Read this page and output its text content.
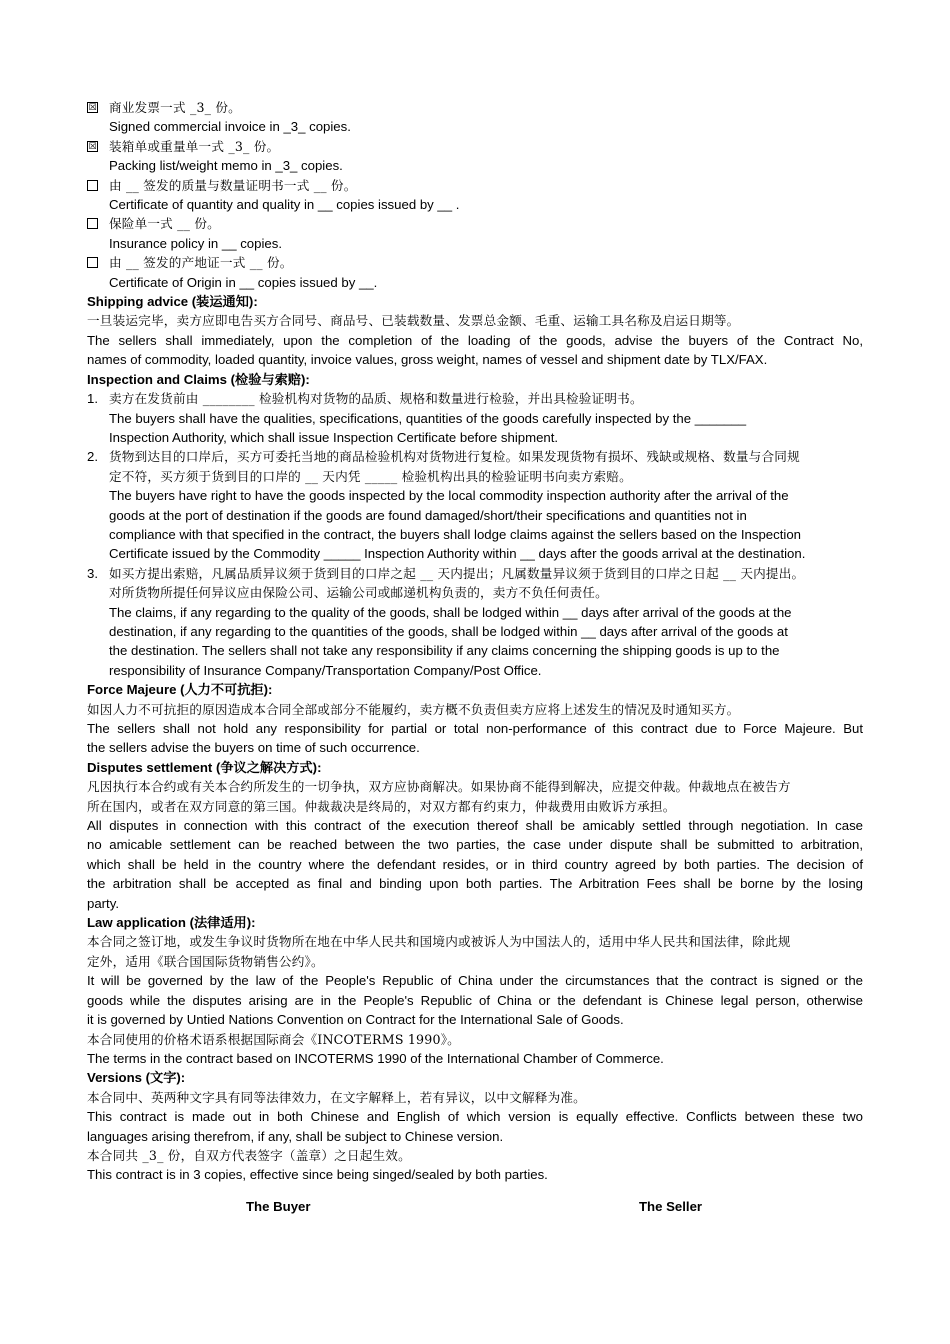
☒ 商业发票一式 _3_ 份。
Signed commercial invoice in _3_ copies.
☒ 装箱单或重量单一式 _3_ 份。
Packing list/weight memo in _3_ copies.
由 __ 签发的质量与数量证明书一式 __ 份。
Certificate of quantity and quality in __ copies issued by __ .
保险单一式 __ 份。
Insurance policy in __ copies.
由 __ 签发的产地证一式 __ 份。
Certificate of Origin in __ copies issued by __.
Shipping advice (装运通知):
一旦装运完毕，卖方应即电告买方合同号、商品号、已装载数量、发票总金额、毛重、运输工具名称及启运日期等。
The sellers shall immediately, upon the completion of the loading of the goods, advise the buyers of the Contract No,
names of commodity, loaded quantity, invoice values, gross weight, names of vessel and shipment date by TLX/FAX.
Inspection and Claims (检验与索赔):
1. 卖方在发货前由 ________ 检验机构对货物的品质、规格和数量进行检验，并出具检验证明书。
The buyers shall have the qualities, specifications, quantities of the goods carefully inspected by the _______
Inspection Authority, which shall issue Inspection Certificate before shipment.
2. 货物到达目的口岸后，买方可委托当地的商品检验机构对货物进行复检。如果发现货物有损坏、残缺或规格、数量与合同规
定不符，买方须于货到目的口岸的 __ 天内凭 _____ 检验机构出具的检验证明书向卖方索赔。
The buyers have right to have the goods inspected by the local commodity inspection authority after the arrival of the
goods at the port of destination if the goods are found damaged/short/their specifications and quantities not in
compliance with that specified in the contract, the buyers shall lodge claims against the sellers based on the Inspection
Certificate issued by the Commodity _____ Inspection Authority within __ days after the goods arrival at the destination.
3. 如买方提出索赔，凡属品质异议须于货到目的口岸之起 __ 天内提出；凡属数量异议须于货到目的口岸之日起 __ 天内提出。
对所货物所提任何异议应由保险公司、运输公司或邮递机构负责的，卖方不负任何责任。
The claims, if any regarding to the quality of the goods, shall be lodged within __ days after arrival of the goods at the
destination, if any regarding to the quantities of the goods, shall be lodged within __ days after arrival of the goods at
the destination. The sellers shall not take any responsibility if any claims concerning the shipping goods is up to the
responsibility of Insurance Company/Transportation Company/Post Office.
Force Majeure (人力不可抗拒):
如因人力不可抗拒的原因造成本合同全部或部分不能履约，卖方概不负责但卖方应将上述发生的情况及时通知买方。
The sellers shall not hold any responsibility for partial or total non-performance of this contract due to Force Majeure. But
the sellers advise the buyers on time of such occurrence.
Disputes settlement (争议之解决方式):
凡因执行本合约或有关本合约所发生的一切争执，双方应协商解决。如果协商不能得到解决，应提交仲裁。仲裁地点在被告方
所在国内，或者在双方同意的第三国。仲裁裁决是终局的，对双方都有约束力，仲裁费用由败诉方承担。
All disputes in connection with this contract of the execution thereof shall be amicably settled through negotiation. In case
no amicable settlement can be reached between the two parties, the case under dispute shall be submitted to arbitration,
which shall be held in the country where the defendant resides, or in third country agreed by both parties. The decision of
the arbitration shall be accepted as final and binding upon both parties. The Arbitration Fees shall be borne by the losing
party.
Law application (法律适用):
本合同之签订地，或发生争议时货物所在地在中华人民共和国境内或被诉人为中国法人的，适用中华人民共和国法律，除此规
定外，适用《联合国国际货物销售公约》。
It will be governed by the law of the People's Republic of China under the circumstances that the contract is signed or the
goods while the disputes arising are in the People's Republic of China or the defendant is Chinese legal person, otherwise
it is governed by Untied Nations Convention on Contract for the International Sale of Goods.
本合同使用的价格术语系根据国际商会《INCOTERMS 1990》。
The terms in the contract based on INCOTERMS 1990 of the International Chamber of Commerce.
Versions (文字):
本合同中、英两种文字具有同等法律效力，在文字解释上，若有异议，以中文解释为准。
This contract is made out in both Chinese and English of which version is equally effective. Conflicts between these two
languages arising therefrom, if any, shall be subject to Chinese version.
本合同共 _3_ 份，自双方代表签字（盖章）之日起生效。
This contract is in 3 copies, effective since being singed/sealed by both parties.
The Buyer	The Seller
